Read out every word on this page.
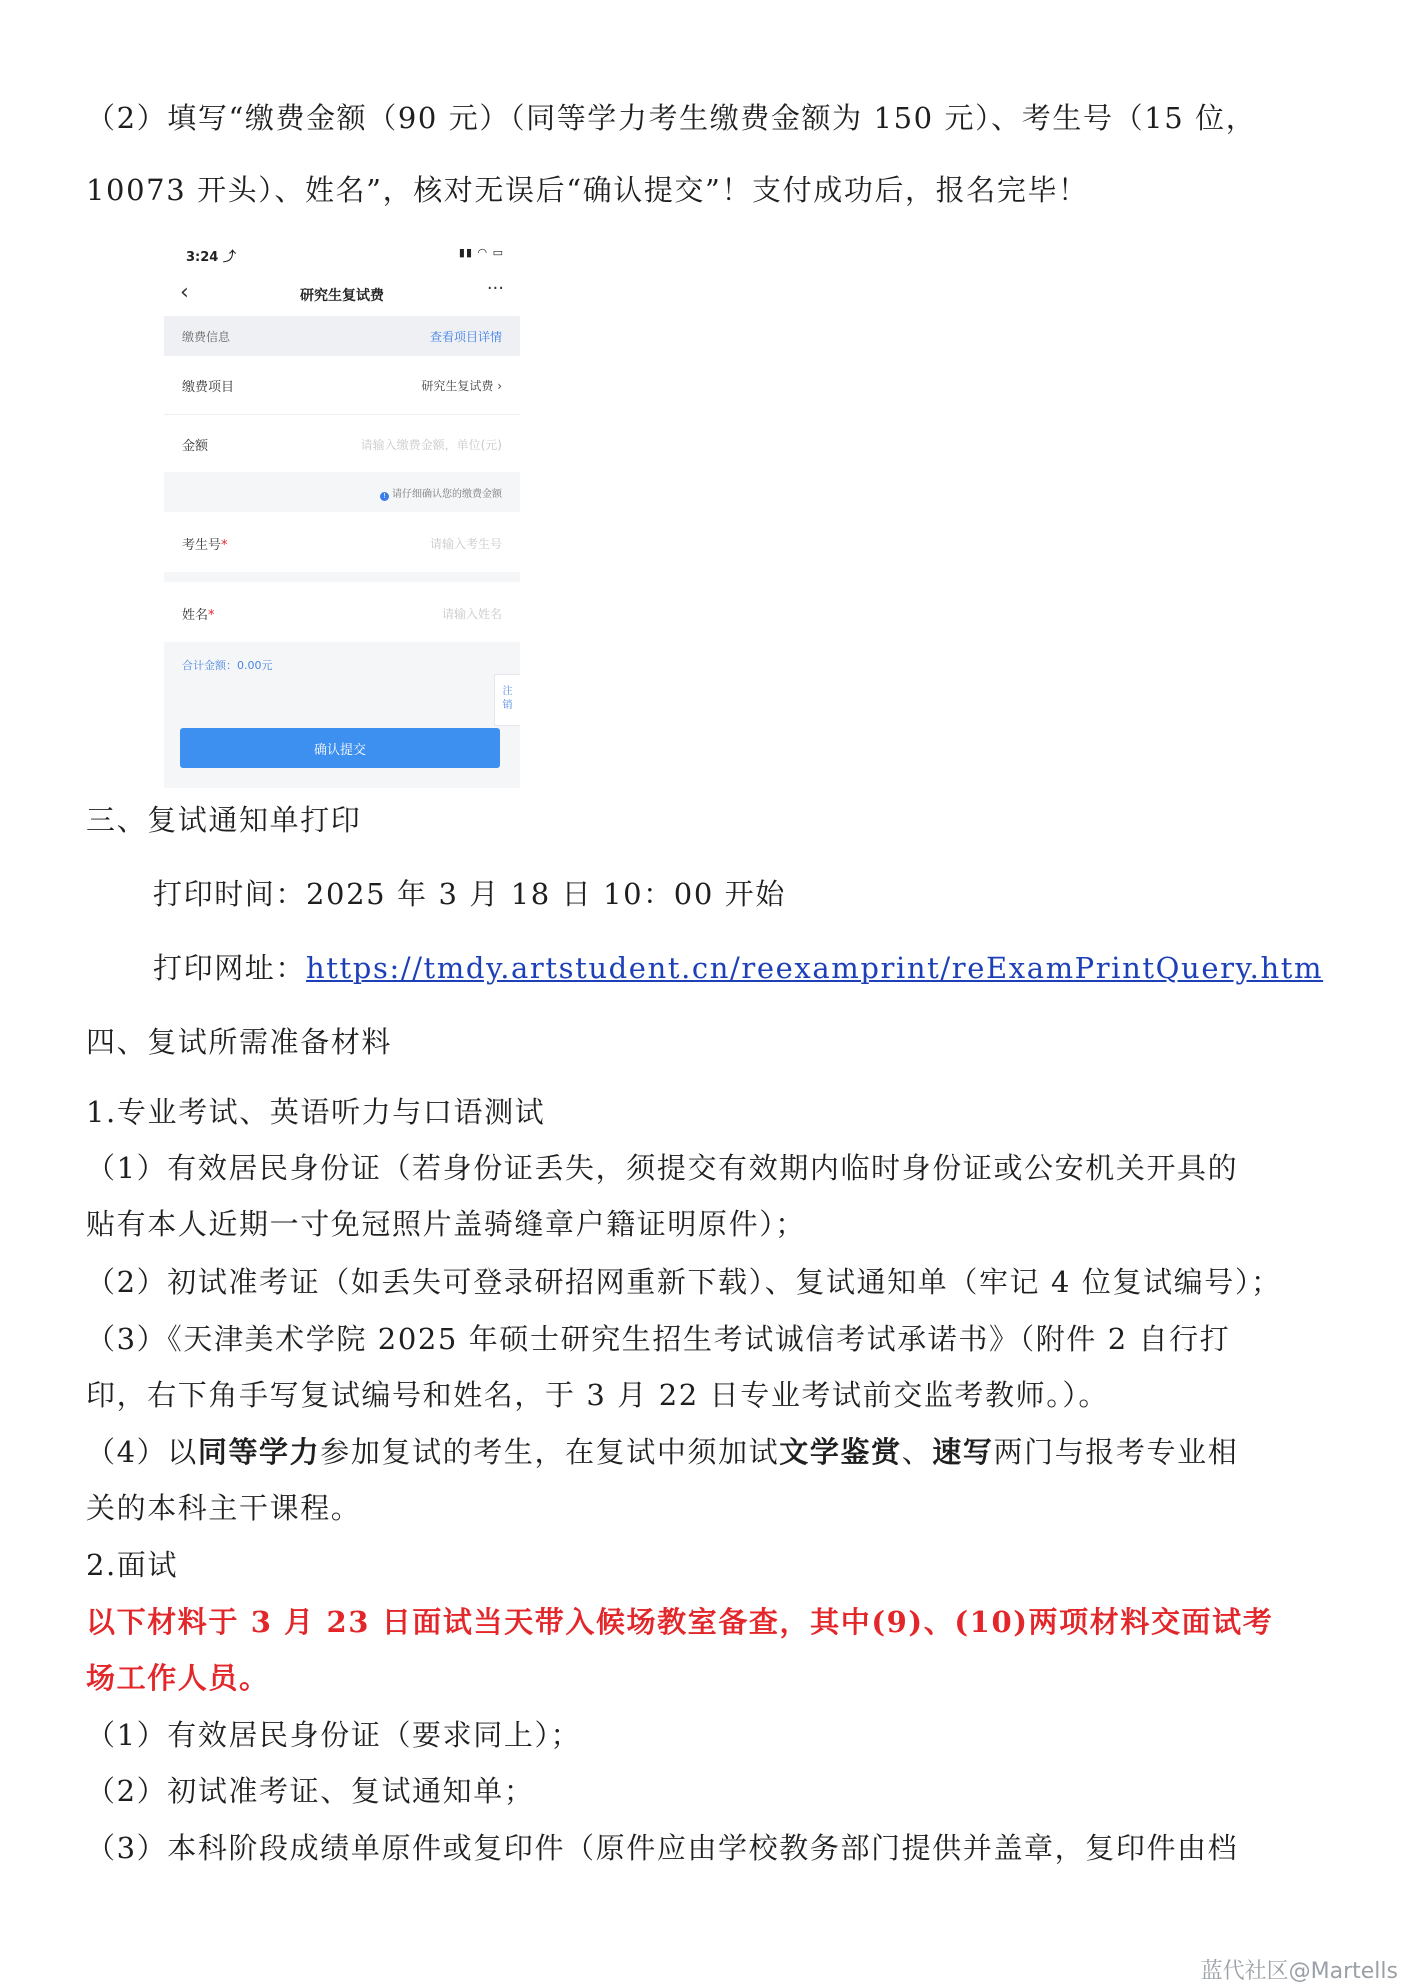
（2）填写“缴费金额（90 元）（同等学力考生缴费金额为 150 元）、考生号（15 位，
10073 开头）、姓名”，核对无误后“确认提交”！支付成功后，报名完毕！
3:24 ⤴	▮▮ ◠ ▭
‹	研究生复试费	···
缴费信息	查看项目详情
缴费项目	研究生复试费 ›
金额	请输入缴费金额，单位(元)
! 请仔细确认您的缴费金额
考生号*	请输入考生号
姓名*	请输入姓名
合计金额：0.00元
注
销
确认提交
三、复试通知单打印
打印时间：2025 年 3 月 18 日 10：00 开始
打印网址：https://tmdy.artstudent.cn/reexamprint/reExamPrintQuery.htm
四、复试所需准备材料
1.专业考试、英语听力与口语测试
（1）有效居民身份证（若身份证丢失，须提交有效期内临时身份证或公安机关开具的
贴有本人近期一寸免冠照片盖骑缝章户籍证明原件）；
（2）初试准考证（如丢失可登录研招网重新下载）、复试通知单（牢记 4 位复试编号）；
（3）《天津美术学院 2025 年硕士研究生招生考试诚信考试承诺书》（附件 2 自行打
印，右下角手写复试编号和姓名，于 3 月 22 日专业考试前交监考教师。）。
（4）以同等学力参加复试的考生，在复试中须加试文学鉴赏、速写两门与报考专业相
关的本科主干课程。
2.面试
以下材料于 3 月 23 日面试当天带入候场教室备查，其中(9)、(10)两项材料交面试考
场工作人员。
（1）有效居民身份证（要求同上）；
（2）初试准考证、复试通知单；
（3）本科阶段成绩单原件或复印件（原件应由学校教务部门提供并盖章，复印件由档
蓝代社区@Martells
